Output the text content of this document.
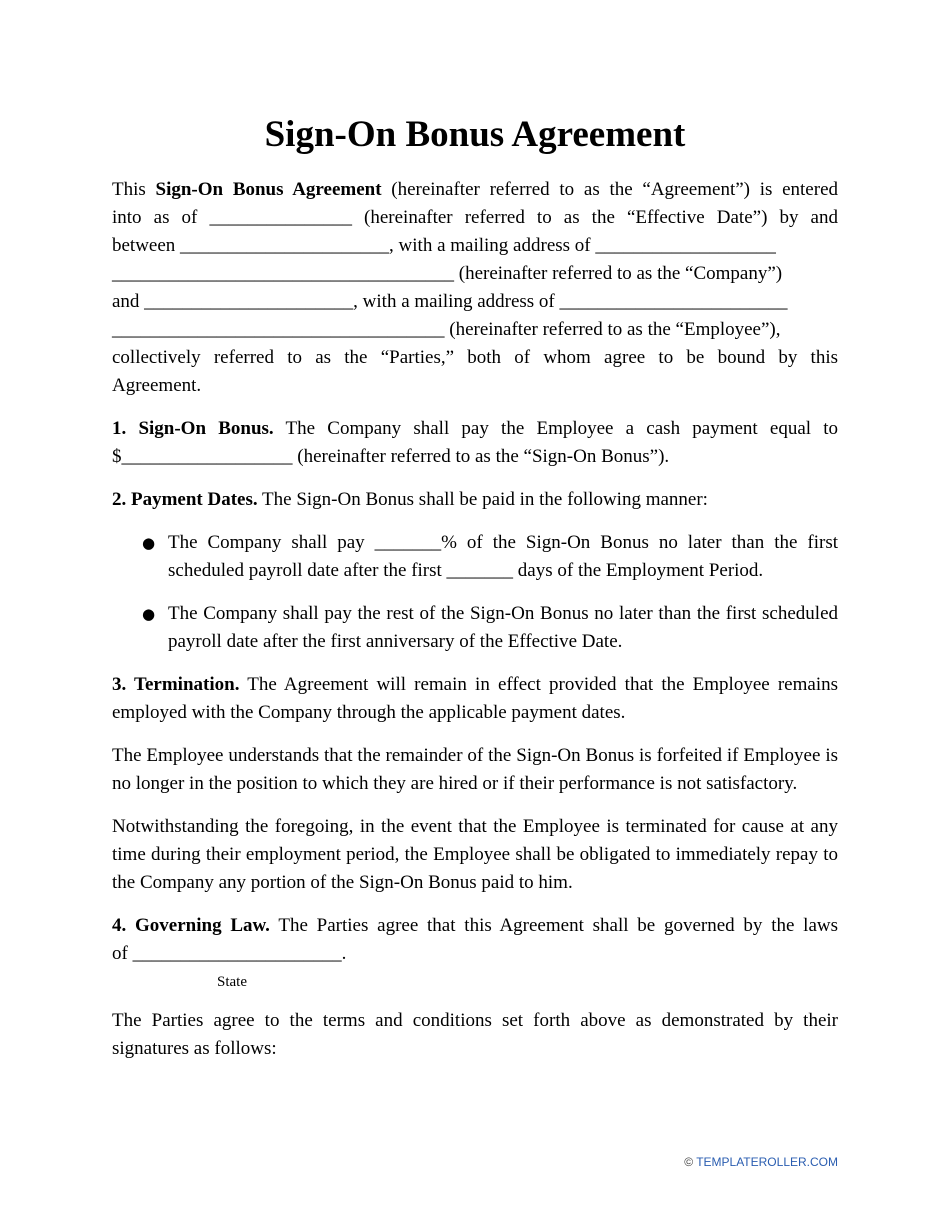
Sign-On Bonus Agreement
This Sign-On Bonus Agreement (hereinafter referred to as the “Agreement”) is entered
into as of _______________ (hereinafter referred to as the “Effective Date”) by and
between ______________________, with a mailing address of ___________________
____________________________________ (hereinafter referred to as the “Company”)
and ______________________, with a mailing address of ________________________
___________________________________ (hereinafter referred to as the “Employee”),
collectively referred to as the “Parties,” both of whom agree to be bound by this
Agreement.
1. Sign-On Bonus. The Company shall pay the Employee a cash payment equal to
$__________________ (hereinafter referred to as the “Sign-On Bonus”).
2. Payment Dates. The Sign-On Bonus shall be paid in the following manner:
● The Company shall pay _______% of the Sign-On Bonus no later than the first scheduled payroll date after the first _______ days of the Employment Period.
● The Company shall pay the rest of the Sign-On Bonus no later than the first scheduled payroll date after the first anniversary of the Effective Date.

3. Termination. The Agreement will remain in effect provided that the Employee remains employed with the Company through the applicable payment dates.

The Employee understands that the remainder of the Sign-On Bonus is forfeited if Employee is no longer in the position to which they are hired or if their performance is not satisfactory.

Notwithstanding the foregoing, in the event that the Employee is terminated for cause at any time during their employment period, the Employee shall be obligated to immediately repay to the Company any portion of the Sign-On Bonus paid to him.

4. Governing Law. The Parties agree that this Agreement shall be governed by the laws
of ______________________.
State

The Parties agree to the terms and conditions set forth above as demonstrated by their signatures as follows:

© TEMPLATEROLLER.COM
